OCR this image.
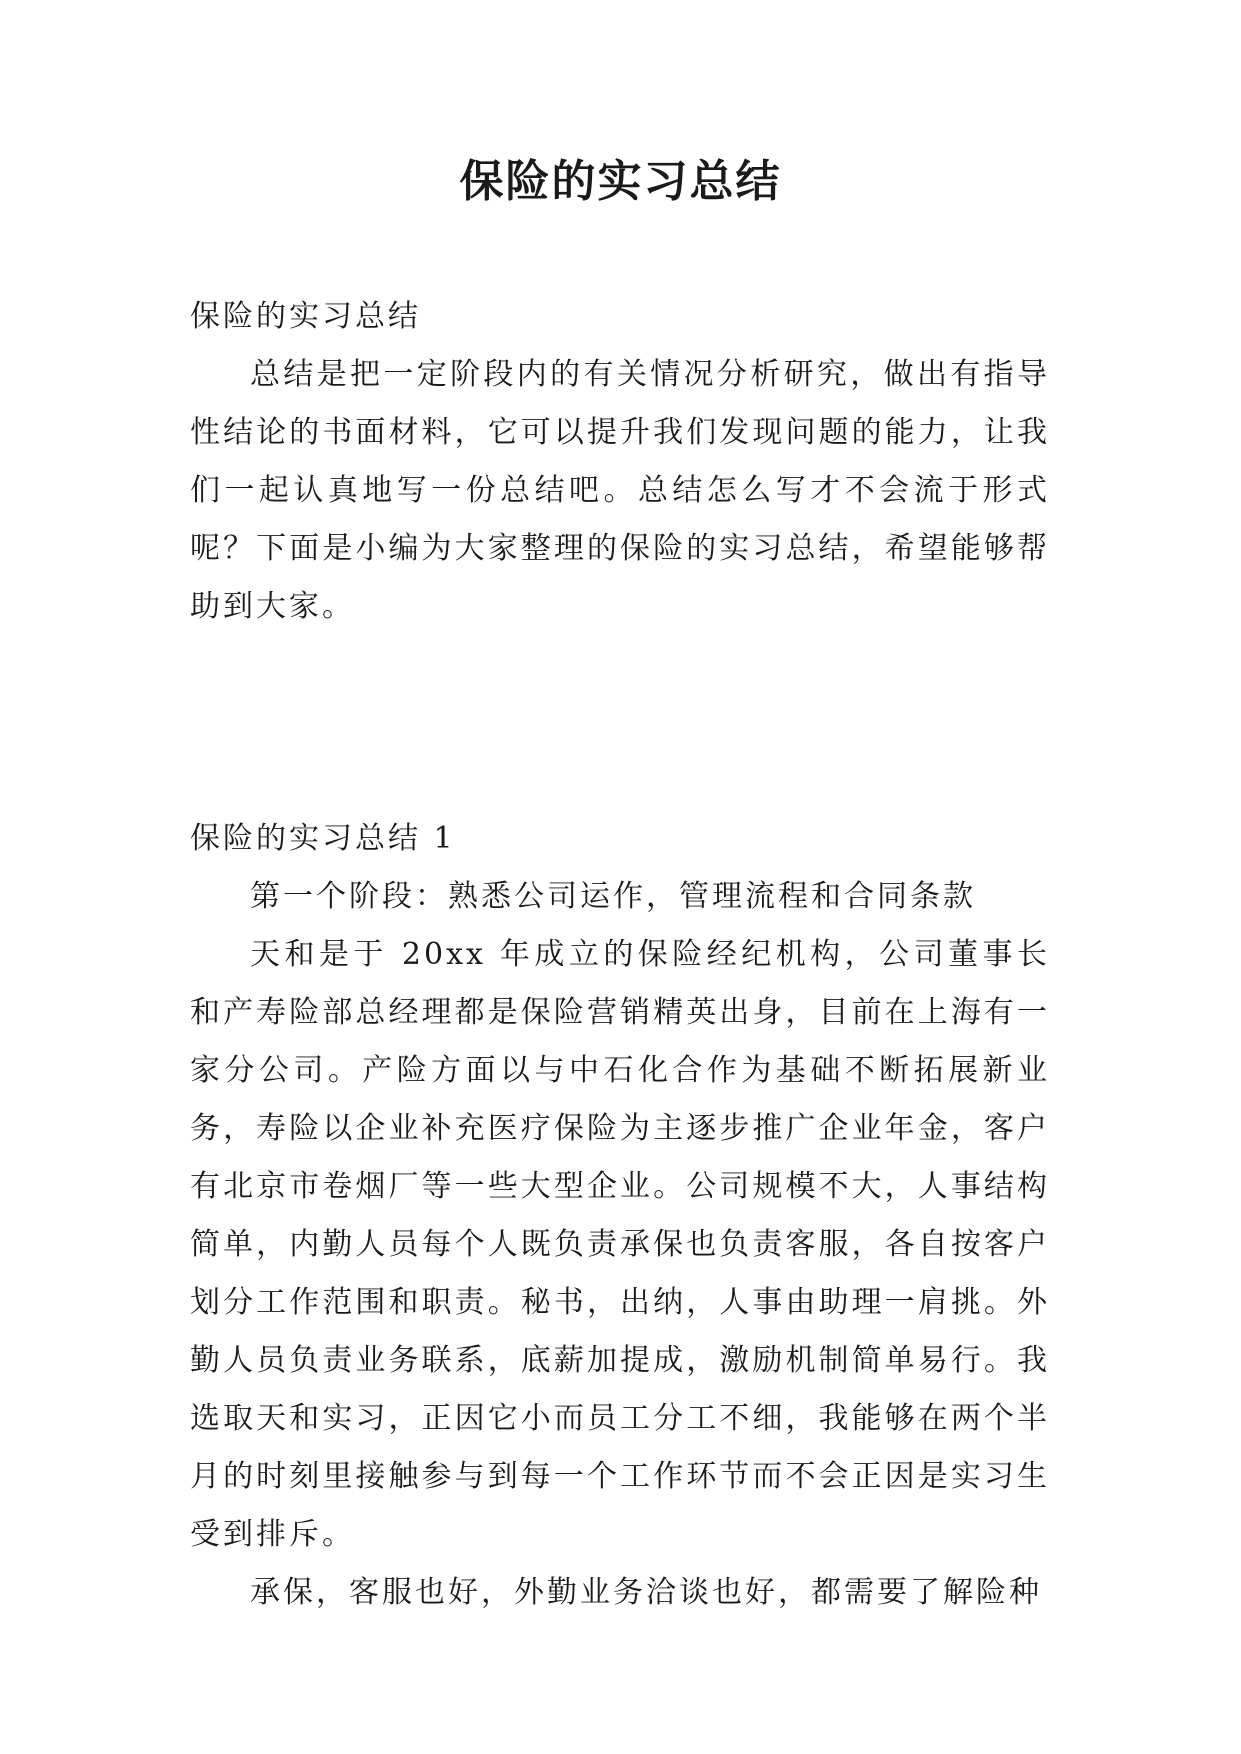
保险的实习总结

保险的实习总结

总结是把一定阶段内的有关情况分析研究，做出有指导性结论的书面材料，它可以提升我们发现问题的能力，让我们一起认真地写一份总结吧。总结怎么写才不会流于形式呢？下面是小编为大家整理的保险的实习总结，希望能够帮助到大家。

保险的实习总结 1

第一个阶段：熟悉公司运作，管理流程和合同条款

天和是于 20xx 年成立的保险经纪机构，公司董事长和产寿险部总经理都是保险营销精英出身，目前在上海有一家分公司。产险方面以与中石化合作为基础不断拓展新业务，寿险以企业补充医疗保险为主逐步推广企业年金，客户有北京市卷烟厂等一些大型企业。公司规模不大，人事结构简单，内勤人员每个人既负责承保也负责客服，各自按客户划分工作范围和职责。秘书，出纳，人事由助理一肩挑。外勤人员负责业务联系，底薪加提成，激励机制简单易行。我选取天和实习，正因它小而员工分工不细，我能够在两个半月的时刻里接触参与到每一个工作环节而不会正因是实习生受到排斥。

承保，客服也好，外勤业务洽谈也好，都需要了解险种
